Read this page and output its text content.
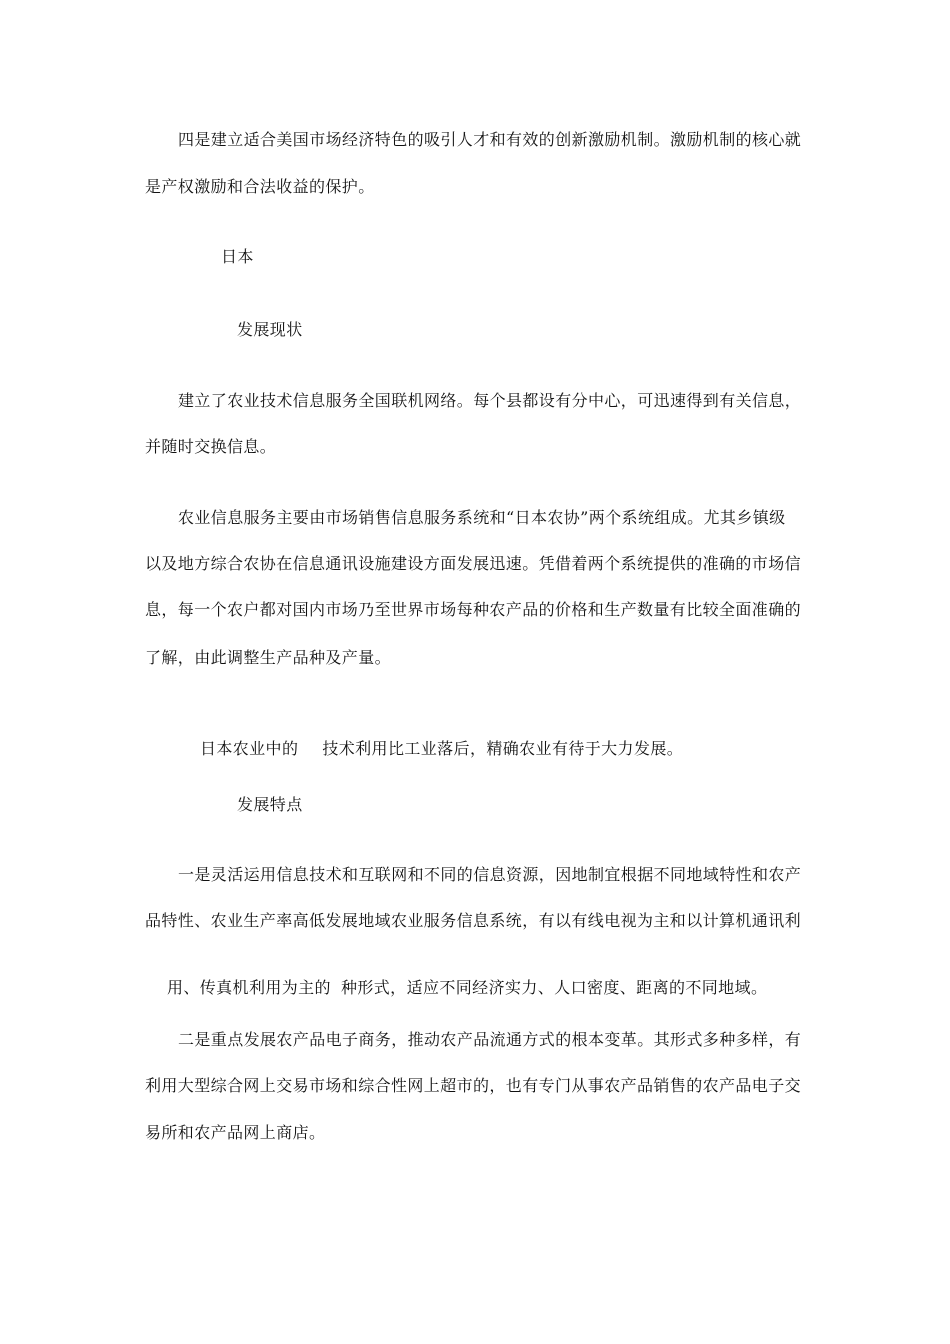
四是建立适合美国市场经济特色的吸引人才和有效的创新激励机制。激励机制的核心就
是产权激励和合法收益的保护。
日本
发展现状
建立了农业技术信息服务全国联机网络。每个县都设有分中心，可迅速得到有关信息，
并随时交换信息。
农业信息服务主要由市场销售信息服务系统和“日本农协”两个系统组成。尤其乡镇级
以及地方综合农协在信息通讯设施建设方面发展迅速。凭借着两个系统提供的准确的市场信
息，每一个农户都对国内市场乃至世界市场每种农产品的价格和生产数量有比较全面准确的
了解，由此调整生产品种及产量。

日本农业中的 技术利用比工业落后，精确农业有待于大力发展。

发展特点
一是灵活运用信息技术和互联网和不同的信息资源，因地制宜根据不同地域特性和农产
品特性、农业生产率高低发展地域农业服务信息系统，有以有线电视为主和以计算机通讯利

用、传真机利用为主的 种形式，适应不同经济实力、人口密度、距离的不同地域。

二是重点发展农产品电子商务，推动农产品流通方式的根本变革。其形式多种多样，有
利用大型综合网上交易市场和综合性网上超市的，也有专门从事农产品销售的农产品电子交
易所和农产品网上商店。
